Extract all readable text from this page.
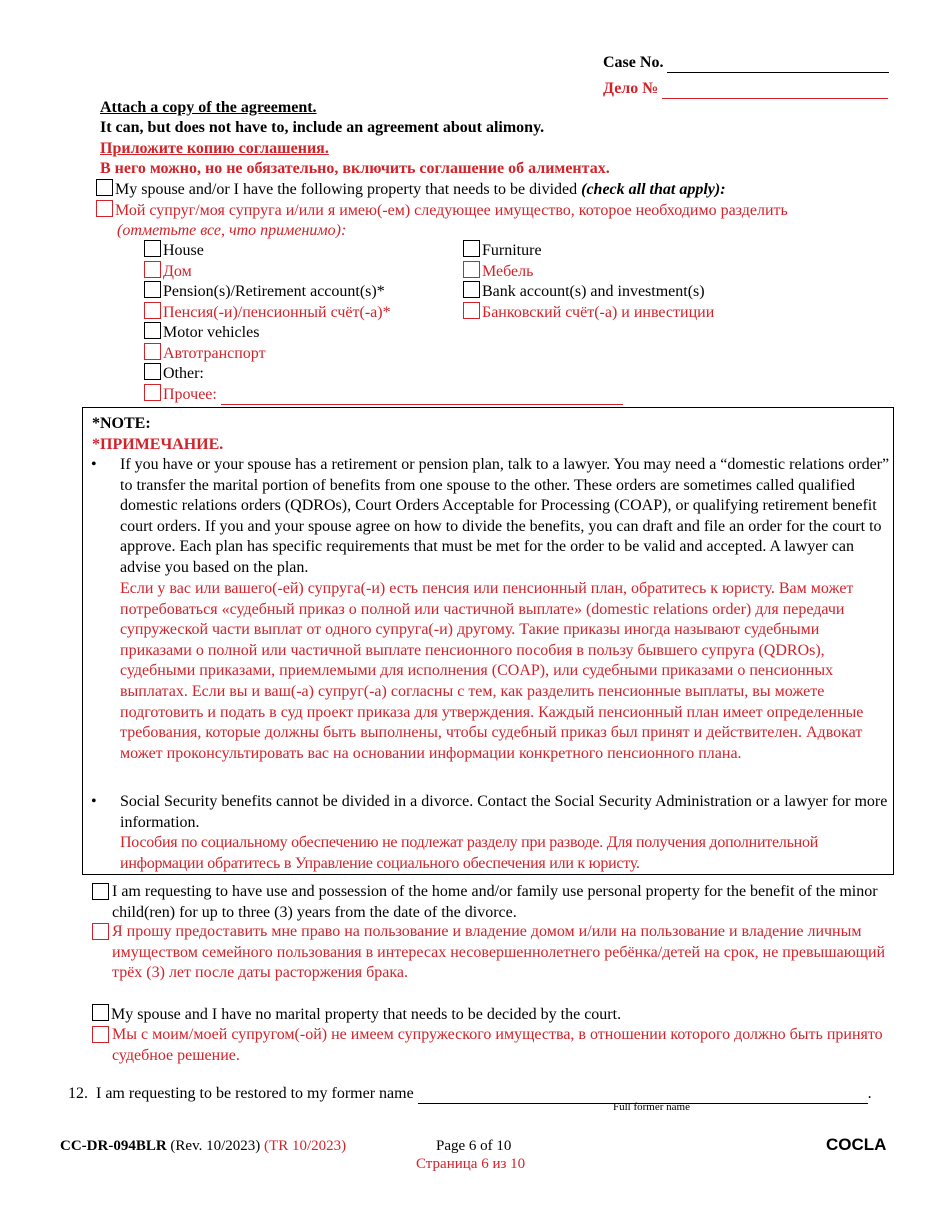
Case No.
Дело №
Attach a copy of the agreement.
It can, but does not have to, include an agreement about alimony.
Приложите копию соглашения.
В него можно, но не обязательно, включить соглашение об алиментах.
My spouse and/or I have the following property that needs to be divided (check all that apply):
Мой супруг/моя супруга и/или я имею(-ем) следующее имущество, которое необходимо разделить
(отметьте все, что применимо):
House
Дом
Pension(s)/Retirement account(s)*
Пенсия(-и)/пенсионный счёт(-а)*
Motor vehicles
Автотранспорт
Other:
Прочее:
Furniture
Мебель
Bank account(s) and investment(s)
Банковский счёт(-а) и инвестиции
*NOTE:
*ПРИМЕЧАНИЕ.
• If you have or your spouse has a retirement or pension plan, talk to a lawyer. You may need a “domestic relations order” to transfer the marital portion of benefits from one spouse to the other. These orders are sometimes called qualified domestic relations orders (QDROs), Court Orders Acceptable for Processing (COAP), or qualifying retirement benefit court orders. If you and your spouse agree on how to divide the benefits, you can draft and file an order for the court to approve. Each plan has specific requirements that must be met for the order to be valid and accepted. A lawyer can advise you based on the plan.
Если у вас или вашего(-ей) супруга(-и) есть пенсия или пенсионный план, обратитесь к юристу. Вам может потребоваться «судебный приказ о полной или частичной выплате» (domestic relations order) для передачи супружеской части выплат от одного супруга(-и) другому. Такие приказы иногда называют судебными приказами о полной или частичной выплате пенсионного пособия в пользу бывшего супруга (QDROs), судебными приказами, приемлемыми для исполнения (COAP), или судебными приказами о пенсионных выплатах. Если вы и ваш(-а) супруг(-а) согласны с тем, как разделить пенсионные выплаты, вы можете подготовить и подать в суд проект приказа для утверждения. Каждый пенсионный план имеет определенные требования, которые должны быть выполнены, чтобы судебный приказ был принят и действителен. Адвокат может проконсультировать вас на основании информации конкретного пенсионного плана.
• Social Security benefits cannot be divided in a divorce. Contact the Social Security Administration or a lawyer for more information.
Пособия по социальному обеспечению не подлежат разделу при разводе. Для получения дополнительной информации обратитесь в Управление социального обеспечения или к юристу.
I am requesting to have use and possession of the home and/or family use personal property for the benefit of the minor child(ren) for up to three (3) years from the date of the divorce.
Я прошу предоставить мне право на пользование и владение домом и/или на пользование и владение личным имуществом семейного пользования в интересах несовершеннолетнего ребёнка/детей на срок, не превышающий трёх (3) лет после даты расторжения брака.
My spouse and I have no marital property that needs to be decided by the court.
Мы с моим/моей супругом(-ой) не имеем супружеского имущества, в отношении которого должно быть принято судебное решение.
12. I am requesting to be restored to my former name	.
Full former name
CC-DR-094BLR (Rev. 10/2023) (TR 10/2023)	Page 6 of 10
Страница 6 из 10
COCLA
